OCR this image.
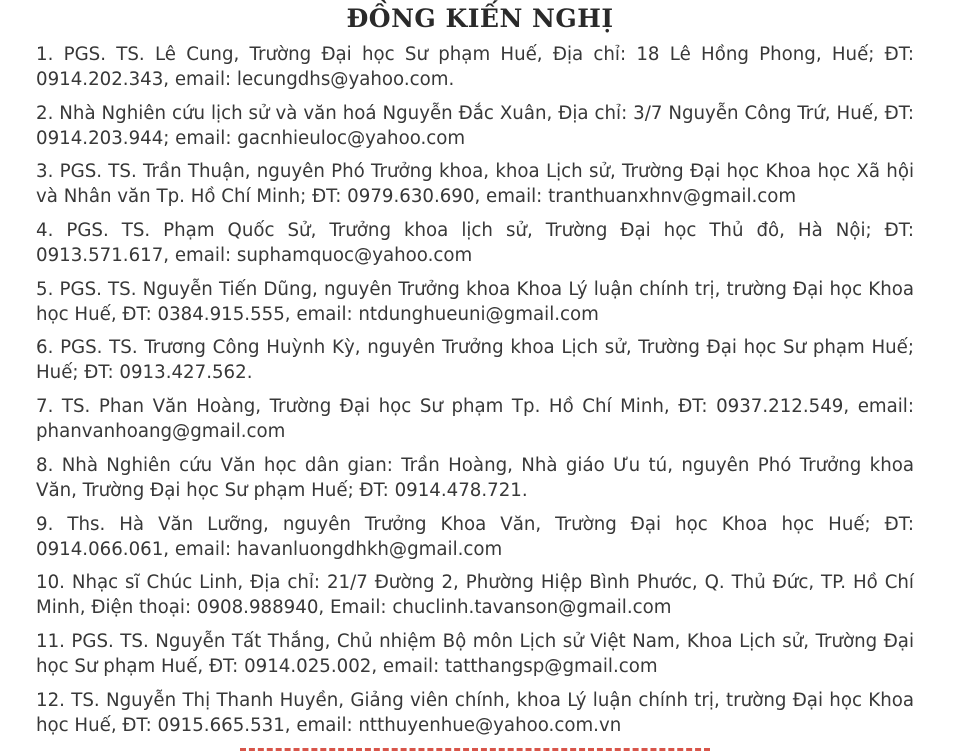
ĐỒNG KIẾN NGHỊ
1. PGS. TS. Lê Cung, Trường Đại học Sư phạm Huế, Địa chỉ: 18 Lê Hồng Phong, Huế; ĐT: 0914.202.343, email: lecungdhs@yahoo.com.
2. Nhà Nghiên cứu lịch sử và văn hoá Nguyễn Đắc Xuân, Địa chỉ: 3/7 Nguyễn Công Trứ, Huế, ĐT: 0914.203.944; email: gacnhieuloc@yahoo.com
3. PGS. TS. Trần Thuận, nguyên Phó Trưởng khoa, khoa Lịch sử, Trường Đại học Khoa học Xã hội và Nhân văn Tp. Hồ Chí Minh; ĐT: 0979.630.690, email: tranthuanxhnv@gmail.com
4. PGS. TS. Phạm Quốc Sử, Trưởng khoa lịch sử, Trường Đại học Thủ đô, Hà Nội; ĐT: 0913.571.617, email: suphamquoc@yahoo.com
5. PGS. TS. Nguyễn Tiến Dũng, nguyên Trưởng khoa Khoa Lý luận chính trị, trường Đại học Khoa học Huế, ĐT: 0384.915.555, email: ntdunghueuni@gmail.com
6. PGS. TS. Trương Công Huỳnh Kỳ, nguyên Trưởng khoa Lịch sử, Trường Đại học Sư phạm Huế; Huế; ĐT: 0913.427.562.
7. TS. Phan Văn Hoàng, Trường Đại học Sư phạm Tp. Hồ Chí Minh, ĐT: 0937.212.549, email: phanvanhoang@gmail.com
8. Nhà Nghiên cứu Văn học dân gian: Trần Hoàng, Nhà giáo Ưu tú, nguyên Phó Trưởng khoa Văn, Trường Đại học Sư phạm Huế; ĐT: 0914.478.721.
9. Ths. Hà Văn Lưỡng, nguyên Trưởng Khoa Văn, Trường Đại học Khoa học Huế; ĐT: 0914.066.061, email: havanluongdhkh@gmail.com
10. Nhạc sĩ Chúc Linh, Địa chỉ: 21/7 Đường 2, Phường Hiệp Bình Phước, Q. Thủ Đức, TP. Hồ Chí Minh, Điện thoại: 0908.988940, Email: chuclinh.tavanson@gmail.com
11. PGS. TS. Nguyễn Tất Thắng, Chủ nhiệm Bộ môn Lịch sử Việt Nam, Khoa Lịch sử, Trường Đại học Sư phạm Huế, ĐT: 0914.025.002, email: tatthangsp@gmail.com
12. TS. Nguyễn Thị Thanh Huyền, Giảng viên chính, khoa Lý luận chính trị, trường Đại học Khoa học Huế, ĐT: 0915.665.531, email: ntthuyenhue@yahoo.com.vn
